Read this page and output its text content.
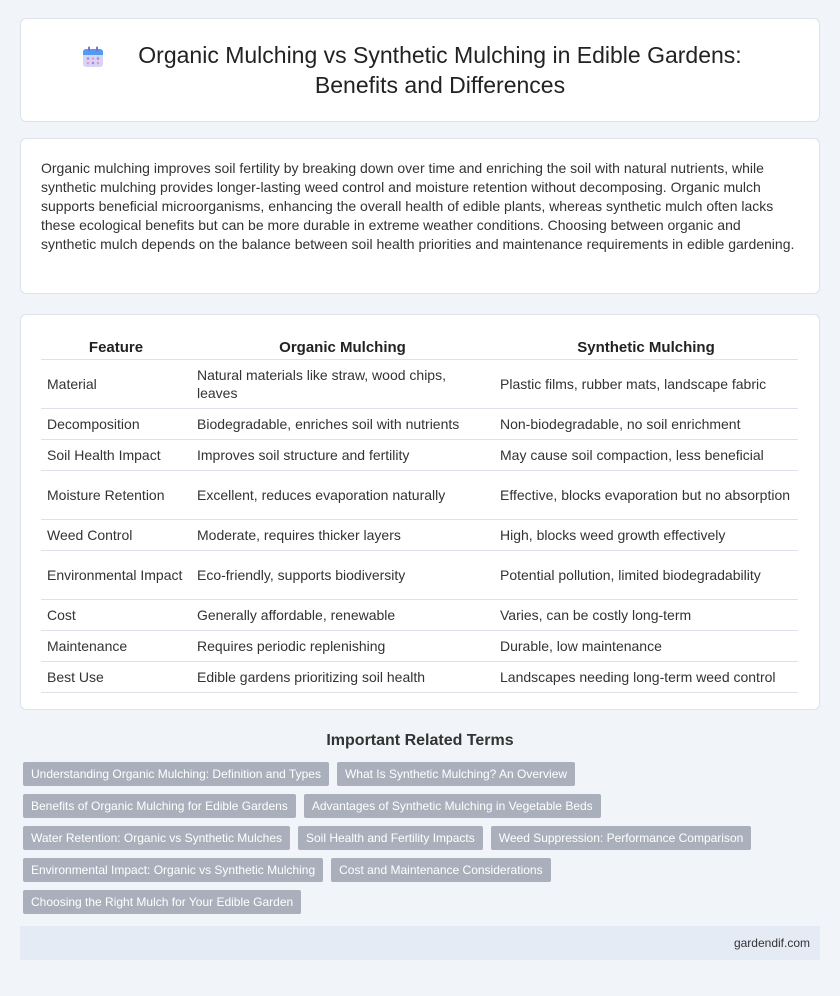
Organic Mulching vs Synthetic Mulching in Edible Gardens: Benefits and Differences

Organic mulching improves soil fertility by breaking down over time and enriching the soil with natural nutrients, while synthetic mulching provides longer-lasting weed control and moisture retention without decomposing. Organic mulch supports beneficial microorganisms, enhancing the overall health of edible plants, whereas synthetic mulch often lacks these ecological benefits but can be more durable in extreme weather conditions. Choosing between organic and synthetic mulch depends on the balance between soil health priorities and maintenance requirements in edible gardening.

Feature	Organic Mulching	Synthetic Mulching
Material	Natural materials like straw, wood chips, leaves	Plastic films, rubber mats, landscape fabric
Decomposition	Biodegradable, enriches soil with nutrients	Non-biodegradable, no soil enrichment
Soil Health Impact	Improves soil structure and fertility	May cause soil compaction, less beneficial
Moisture Retention	Excellent, reduces evaporation naturally	Effective, blocks evaporation but no absorption
Weed Control	Moderate, requires thicker layers	High, blocks weed growth effectively
Environmental Impact	Eco-friendly, supports biodiversity	Potential pollution, limited biodegradability
Cost	Generally affordable, renewable	Varies, can be costly long-term
Maintenance	Requires periodic replenishing	Durable, low maintenance
Best Use	Edible gardens prioritizing soil health	Landscapes needing long-term weed control
Important Related Terms
Understanding Organic Mulching: Definition and Types	What Is Synthetic Mulching? An Overview
Benefits of Organic Mulching for Edible Gardens	Advantages of Synthetic Mulching in Vegetable Beds
Water Retention: Organic vs Synthetic Mulches	Soil Health and Fertility Impacts	Weed Suppression: Performance Comparison
Environmental Impact: Organic vs Synthetic Mulching	Cost and Maintenance Considerations
Choosing the Right Mulch for Your Edible Garden
gardendif.com
